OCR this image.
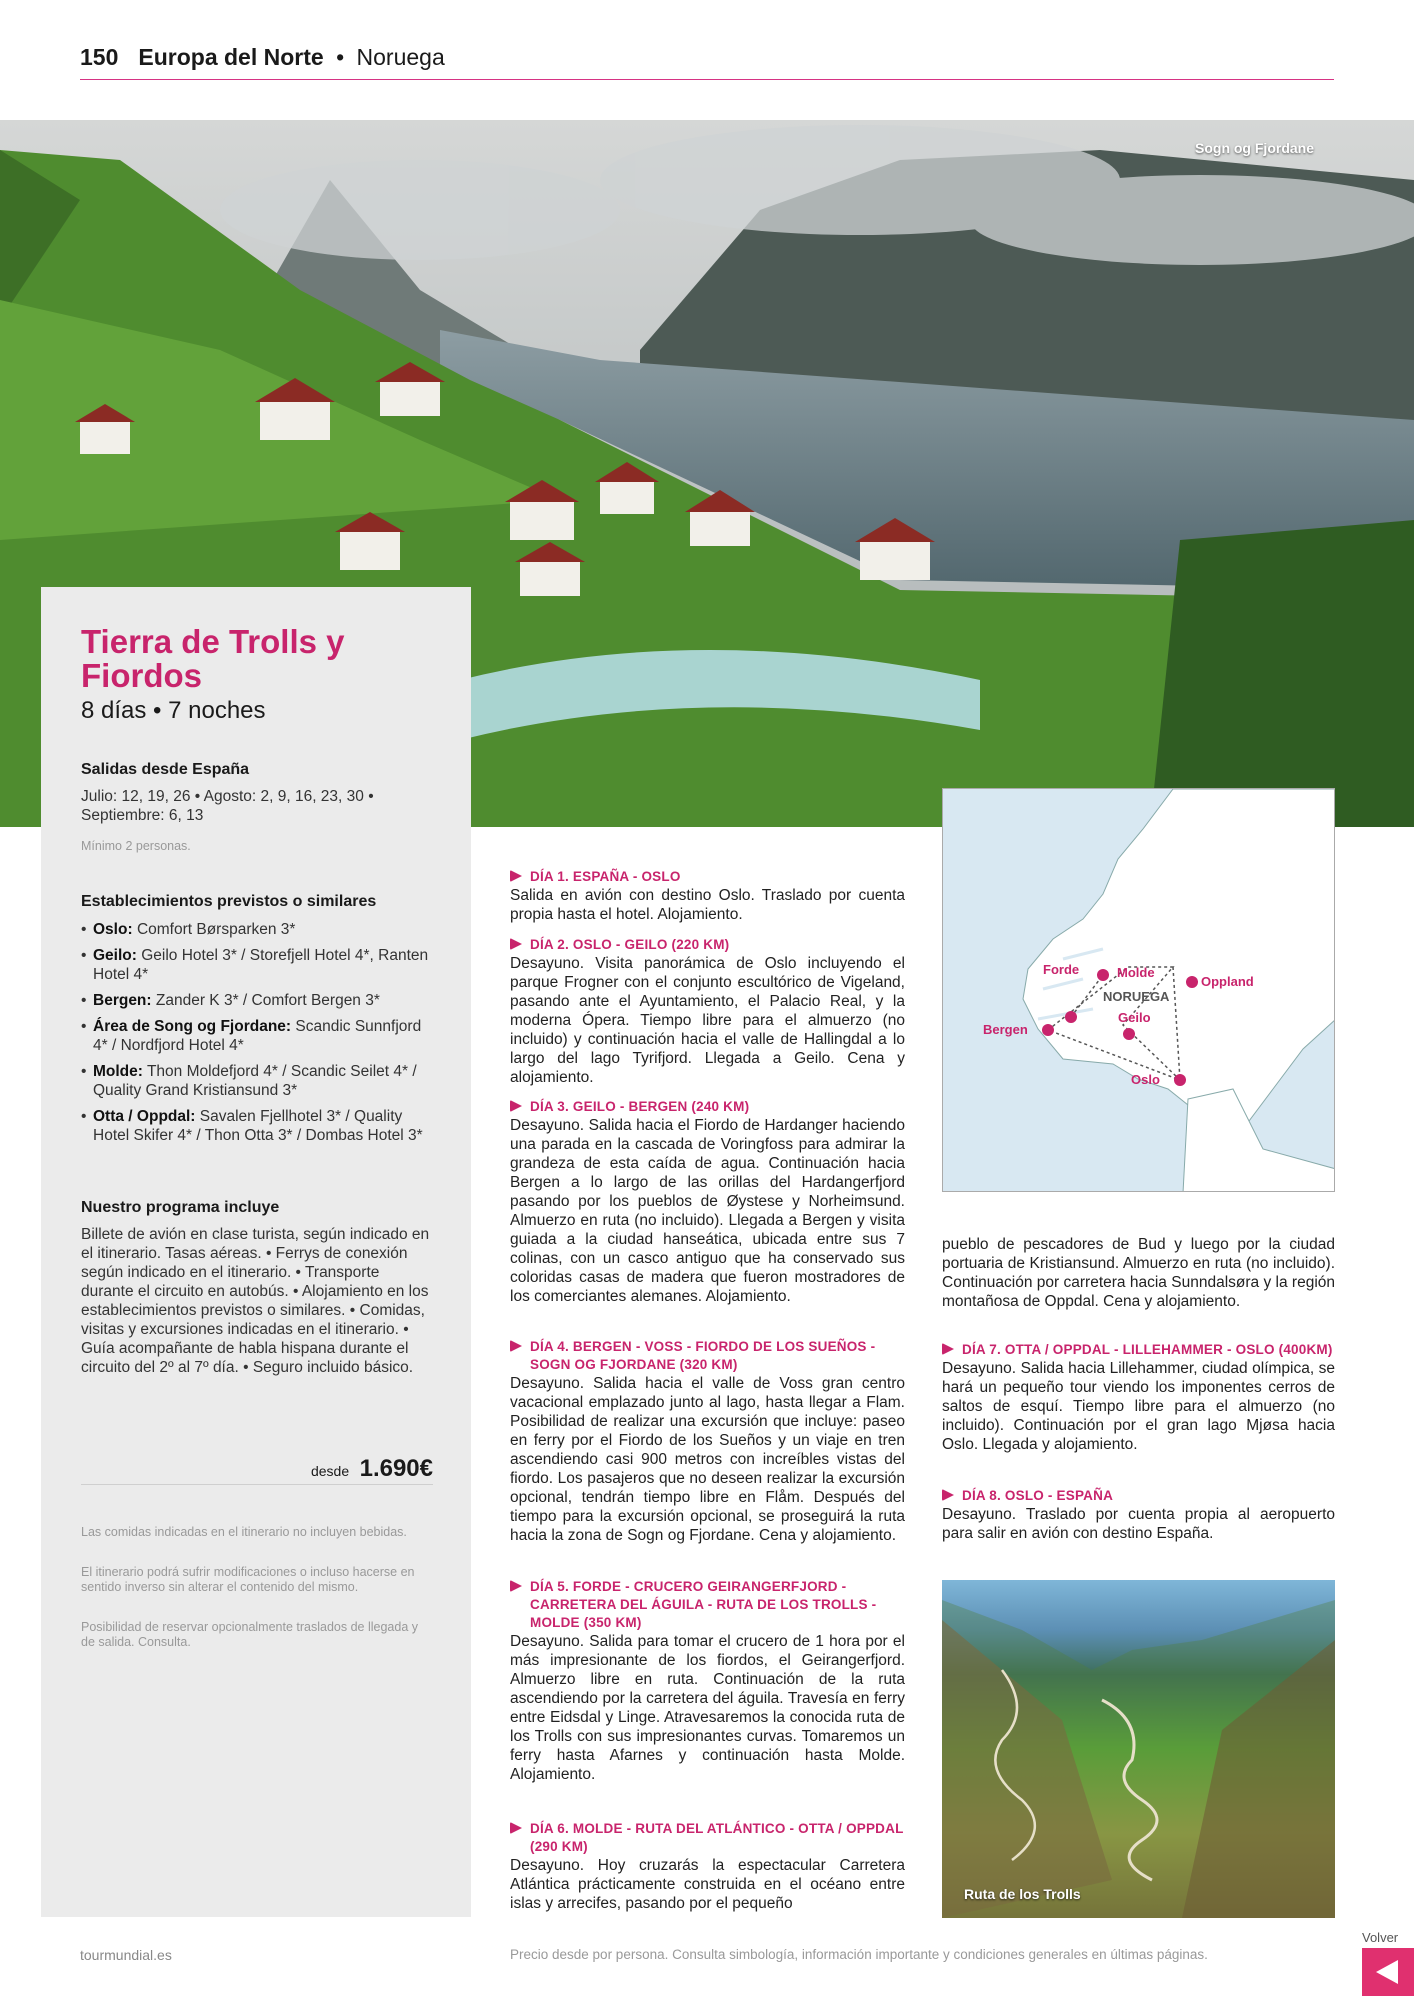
150 Europa del Norte • Noruega
Sogn og Fjordane
Tierra de Trolls y Fiordos
8 días • 7 noches
Salidas desde España
Julio: 12, 19, 26 • Agosto: 2, 9, 16, 23, 30 • Septiembre: 6, 13
Mínimo 2 personas.
Establecimientos previstos o similares
• Oslo: Comfort Børsparken 3*
• Geilo: Geilo Hotel 3* / Storefjell Hotel 4*, Ranten Hotel 4*
• Bergen: Zander K 3* / Comfort Bergen 3*
• Área de Song og Fjordane: Scandic Sunnfjord 4* / Nordfjord Hotel 4*
• Molde: Thon Moldefjord 4* / Scandic Seilet 4* / Quality Grand Kristiansund 3*
• Otta / Oppdal: Savalen Fjellhotel 3* / Quality Hotel Skifer 4* / Thon Otta 3* / Dombas Hotel 3*
Nuestro programa incluye
Billete de avión en clase turista, según indicado en el itinerario. Tasas aéreas. • Ferrys de conexión según indicado en el itinerario. • Transporte durante el circuito en autobús. • Alojamiento en los establecimientos previstos o similares. • Comidas, visitas y excursiones indicadas en el itinerario. • Guía acompañante de habla hispana durante el circuito del 2º al 7º día. • Seguro incluido básico.
desde 1.690€
Las comidas indicadas en el itinerario no incluyen bebidas.
El itinerario podrá sufrir modificaciones o incluso hacerse en sentido inverso sin alterar el contenido del mismo.
Posibilidad de reservar opcionalmente traslados de llegada y de salida. Consulta.
DÍA 1. ESPAÑA - OSLO

Salida en avión con destino Oslo. Traslado por cuenta propia hasta el hotel. Alojamiento.

DÍA 2. OSLO - GEILO (220 KM)

Desayuno. Visita panorámica de Oslo incluyendo el parque Frogner con el conjunto escultórico de Vigeland, pasando ante el Ayuntamiento, el Palacio Real, y la moderna Ópera. Tiempo libre para el almuerzo (no incluido) y continuación hacia el valle de Hallingdal a lo largo del lago Tyrifjord. Llegada a Geilo. Cena y alojamiento.

DÍA 3. GEILO - BERGEN (240 KM)

Desayuno. Salida hacia el Fiordo de Hardanger haciendo una parada en la cascada de Voringfoss para admirar la grandeza de esta caída de agua. Continuación hacia Bergen a lo largo de las orillas del Hardangerfjord pasando por los pueblos de Øystese y Norheimsund. Almuerzo en ruta (no incluido). Llegada a Bergen y visita guiada a la ciudad hanseática, ubicada entre sus 7 colinas, con un casco antiguo que ha conservado sus coloridas casas de madera que fueron mostradores de los comerciantes alemanes. Alojamiento.

DÍA 4. BERGEN - VOSS - FIORDO DE LOS SUEÑOS - SOGN OG FJORDANE (320 KM)

Desayuno. Salida hacia el valle de Voss gran centro vacacional emplazado junto al lago, hasta llegar a Flam. Posibilidad de realizar una excursión que incluye: paseo en ferry por el Fiordo de los Sueños y un viaje en tren ascendiendo casi 900 metros con increíbles vistas del fiordo. Los pasajeros que no deseen realizar la excursión opcional, tendrán tiempo libre en Flåm. Después del tiempo para la excursión opcional, se proseguirá la ruta hacia la zona de Sogn og Fjordane. Cena y alojamiento.

DÍA 5. FORDE - CRUCERO GEIRANGERFJORD - CARRETERA DEL ÁGUILA - RUTA DE LOS TROLLS - MOLDE (350 KM)

Desayuno. Salida para tomar el crucero de 1 hora por el más impresionante de los fiordos, el Geirangerfjord. Almuerzo libre en ruta. Continuación de la ruta ascendiendo por la carretera del águila. Travesía en ferry entre Eidsdal y Linge. Atravesaremos la conocida ruta de los Trolls con sus impresionantes curvas. Tomaremos un ferry hasta Afarnes y continuación hasta Molde. Alojamiento.

DÍA 6. MOLDE - RUTA DEL ATLÁNTICO - OTTA / OPPDAL (290 KM)

Desayuno. Hoy cruzarás la espectacular Carretera Atlántica prácticamente construida en el océano entre islas y arrecifes, pasando por el pequeño

Molde
Oppland
Forde
Geilo
Bergen
Oslo
NORUEGA
pueblo de pescadores de Bud y luego por la ciudad portuaria de Kristiansund. Almuerzo en ruta (no incluido). Continuación por carretera hacia Sunndalsøra y la región montañosa de Oppdal. Cena y alojamiento.
DÍA 7. OTTA / OPPDAL - LILLEHAMMER - OSLO (400KM)

Desayuno. Salida hacia Lillehammer, ciudad olímpica, se hará un pequeño tour viendo los imponentes cerros de saltos de esquí. Tiempo libre para el almuerzo (no incluido). Continuación por el gran lago Mjøsa hacia Oslo. Llegada y alojamiento.

DÍA 8. OSLO - ESPAÑA

Desayuno. Traslado por cuenta propia al aeropuerto para salir en avión con destino España.

Ruta de los Trolls
tourmundial.es	Precio desde por persona. Consulta simbología, información importante y condiciones generales en últimas páginas.
Volver
